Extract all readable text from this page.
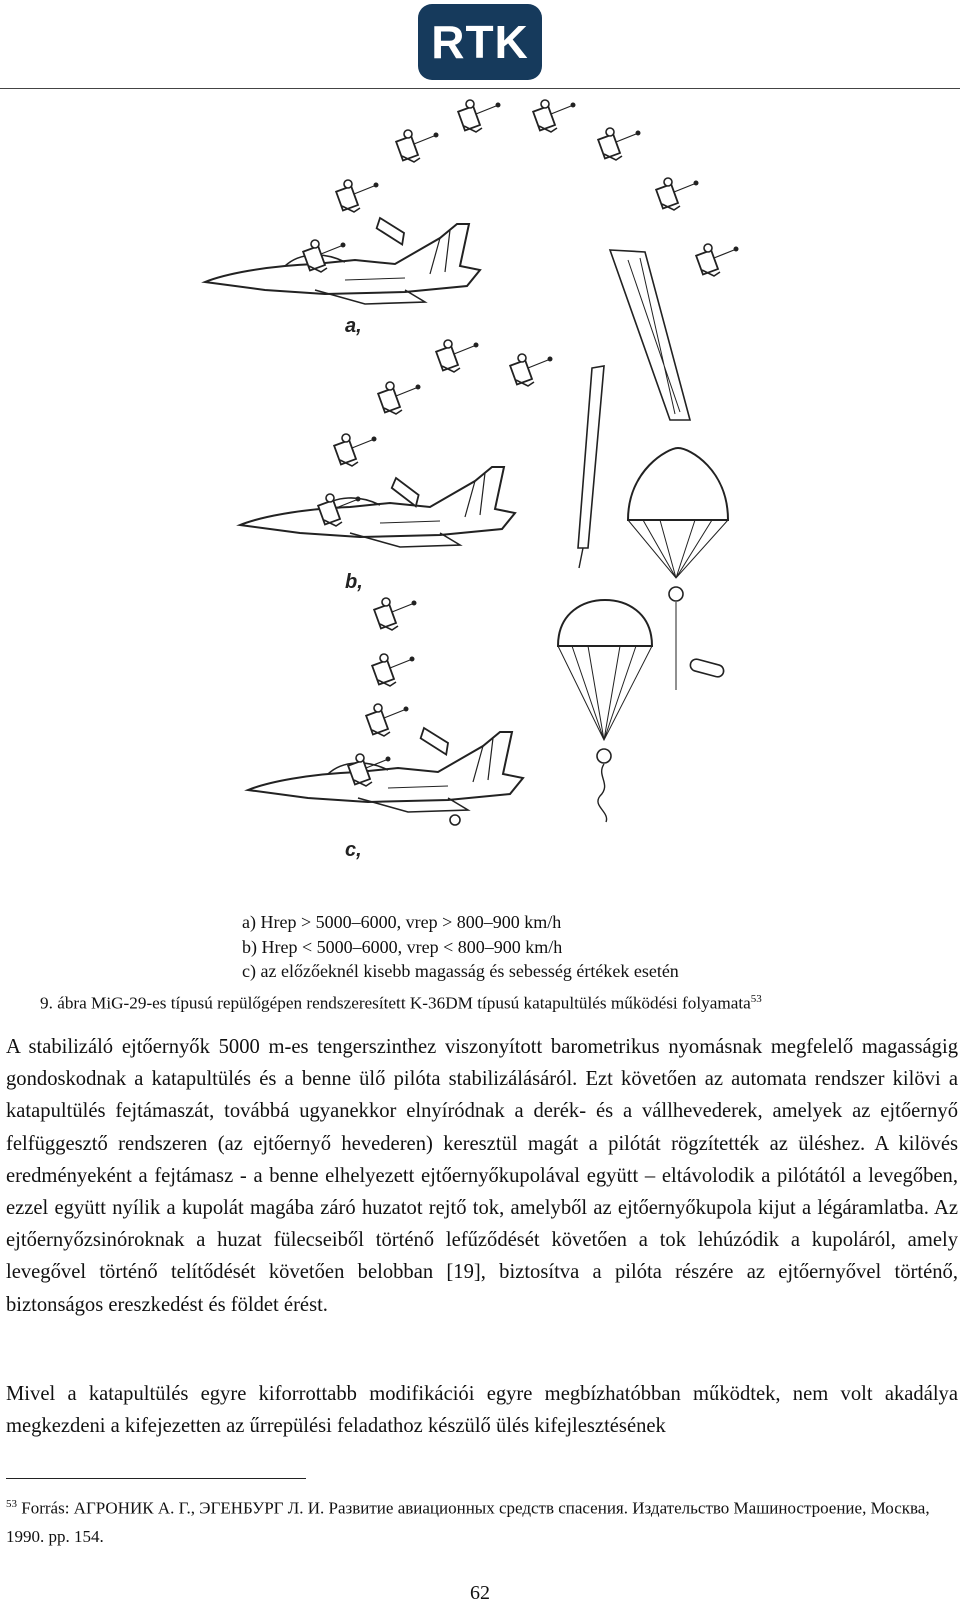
RTK
a,
b,
c,
a) Hrep > 5000–6000, vrep > 800–900 km/h
b) Hrep < 5000–6000, vrep < 800–900 km/h
c) az előzőeknél kisebb magasság és sebesség értékek esetén
9. ábra MiG-29-es típusú repülőgépen rendszeresített K-36DM típusú katapultülés működési folyamata$^{53}$

A stabilizáló ejtőernyők 5000 m-es tengerszinthez viszonyított barometrikus nyomásnak megfelelő magasságig gondoskodnak a katapultülés és a benne ülő pilóta stabilizálásáról. Ezt követően az automata rendszer kilövi a katapultülés fejtámaszát, továbbá ugyanekkor elnyíródnak a derék- és a vállhevederek, amelyek az ejtőernyő felfüggesztő rendszeren (az ejtőernyő hevederen) keresztül magát a pilótát rögzítették az üléshez. A kilövés eredményeként a fejtámasz - a benne elhelyezett ejtőernyőkupolával együtt – eltávolodik a pilótától a levegőben, ezzel együtt nyílik a kupolát magába záró huzatot rejtő tok, amelyből az ejtőernyőkupola kijut a légáramlatba. Az ejtőernyőzsinóroknak a huzat fülecseiből történő lefűződését követően a tok lehúzódik a kupoláról, amely levegővel történő telítődését követően belobban [19], biztosítva a pilóta részére az ejtőernyővel történő, biztonságos ereszkedést és földet érést.

Mivel a katapultülés egyre kiforrottabb modifikációi egyre megbízhatóbban működtek, nem volt akadálya megkezdeni a kifejezetten az űrrepülési feladathoz készülő ülés kifejlesztésének

$^{53}$ Forrás: АГРОНИК А. Г., ЭГЕНБУРГ Л. И. Развитие авиационных средств спасения. Издательство Машиностроение, Москва, 1990. pp. 154.

62
